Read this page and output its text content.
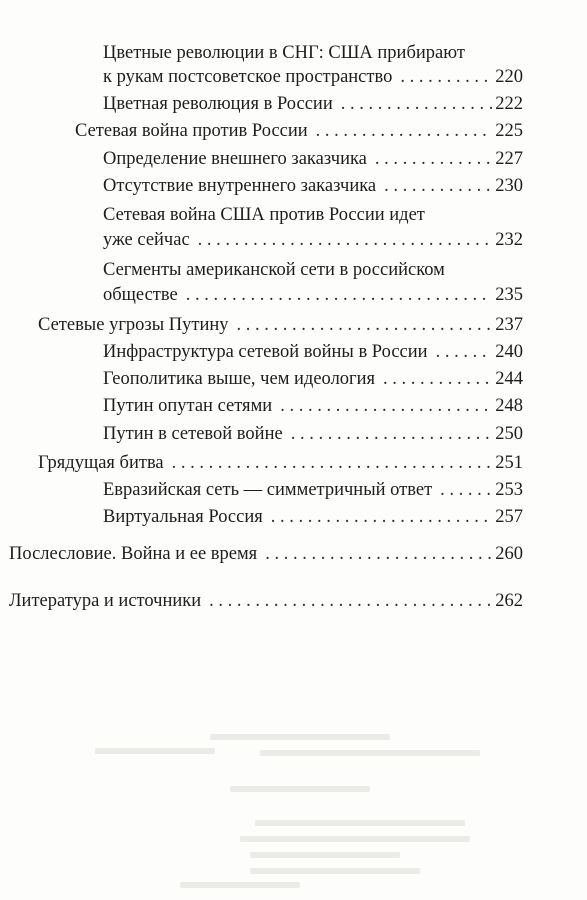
Цветные революции в СНГ: США прибирают
к рукам постсоветское пространство . . .	220
Цветная революция в России . . .	222
Сетевая война против России . . .	225
Определение внешнего заказчика . . .	227
Отсутствие внутреннего заказчика . . .	230
Сетевая война США против России идет
уже сейчас . . .	232
Сегменты американской сети в российском
обществе . . .	235
Сетевые угрозы Путину . . .	237
Инфраструктура сетевой войны в России . . .	240
Геополитика выше, чем идеология . . .	244
Путин опутан сетями . . .	248
Путин в сетевой войне . . .	250
Грядущая битва . . .	251
Евразийская сеть — симметричный ответ . . .	253
Виртуальная Россия . . .	257
Послесловие. Война и ее время . . .	260
Литература и источники . . .	262
